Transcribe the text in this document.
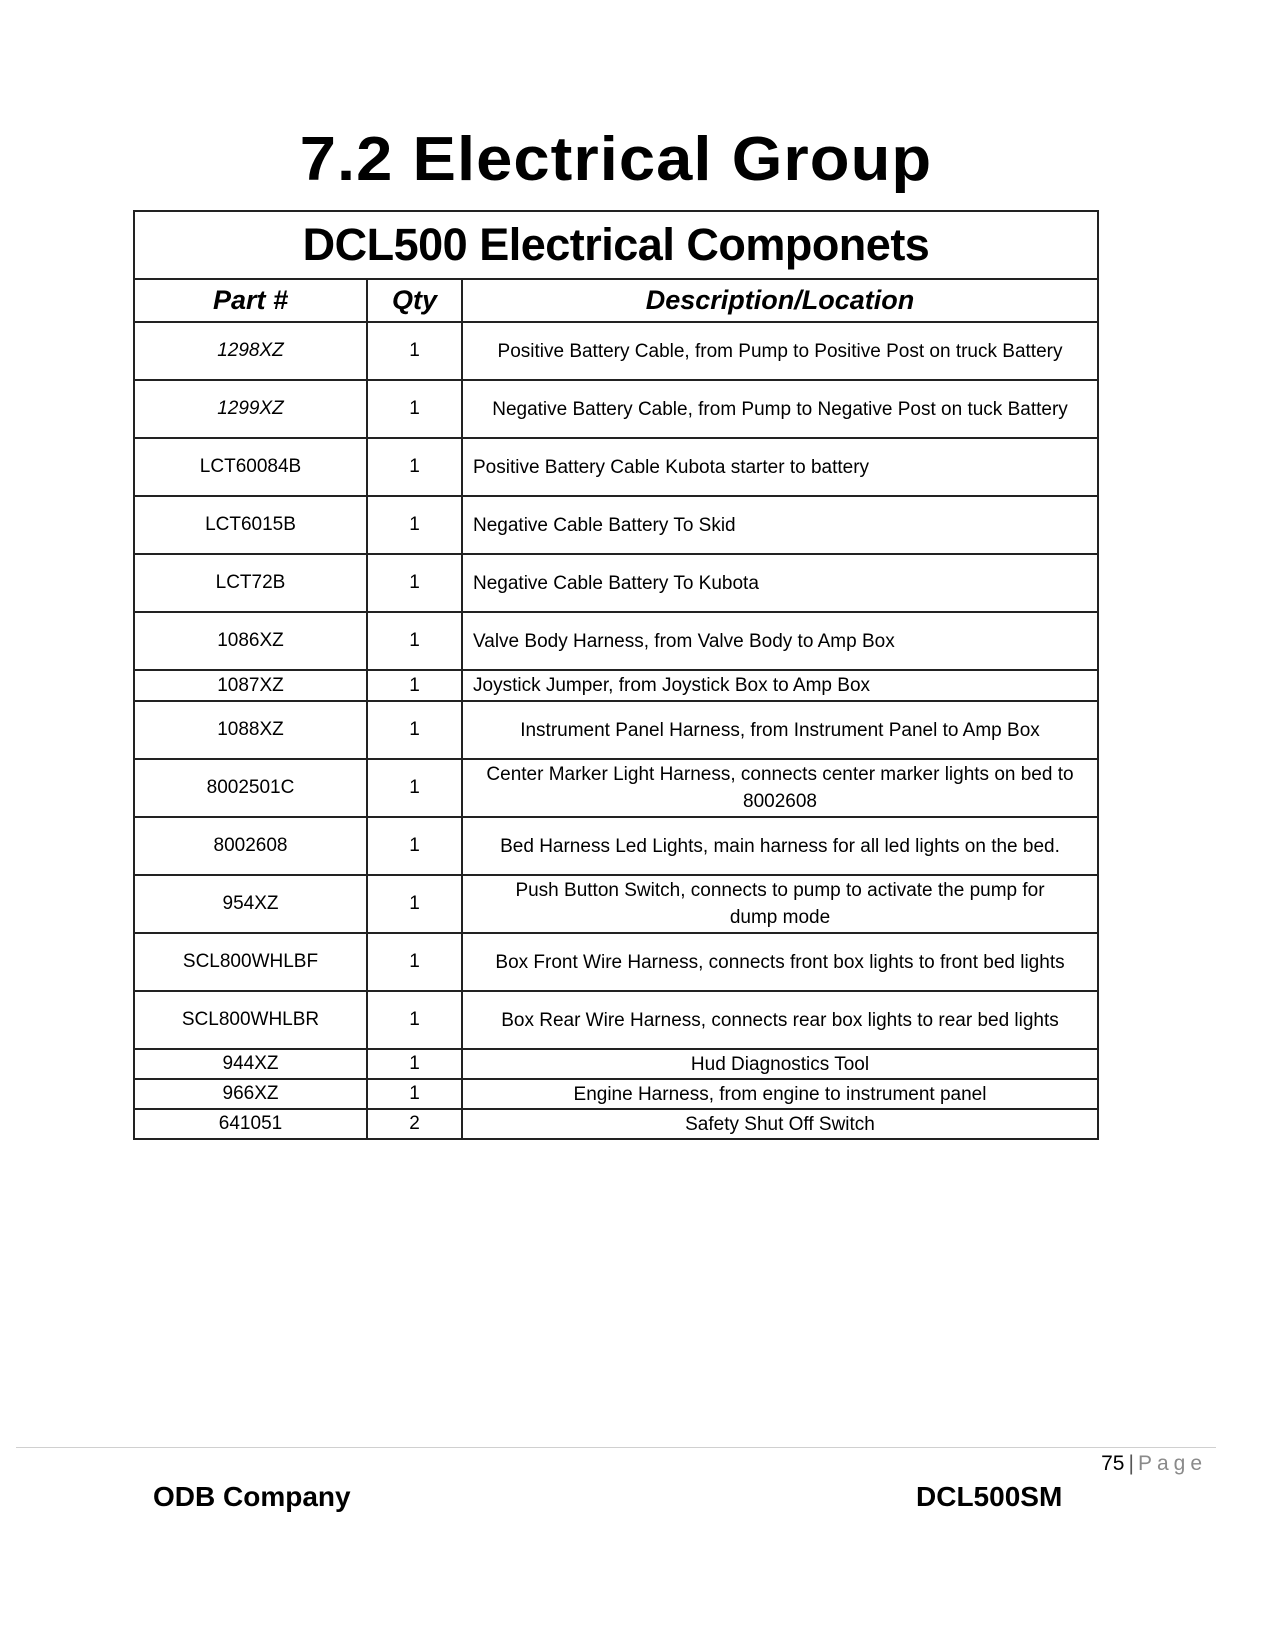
7.2 Electrical Group
DCL500 Electrical Componets		
Part #	Qty	Description/Location
1298XZ	1	Positive Battery Cable, from Pump to Positive Post on truck Battery
1299XZ	1	Negative Battery Cable, from Pump to Negative Post on tuck Battery
LCT60084B	1	Positive Battery Cable Kubota starter to battery
LCT6015B	1	Negative Cable Battery To Skid
LCT72B	1	Negative Cable Battery To Kubota
1086XZ	1	Valve Body Harness, from Valve Body to Amp Box
1087XZ	1	Joystick Jumper, from Joystick Box to Amp Box
1088XZ	1	Instrument Panel Harness, from Instrument Panel to Amp Box
8002501C	1	Center Marker Light Harness, connects center marker lights on bed to 8002608
8002608	1	Bed Harness Led Lights, main harness for all led lights on the bed.
954XZ	1	Push Button Switch, connects to pump to activate the pump for dump mode
SCL800WHLBF	1	Box Front Wire Harness, connects front box lights to front bed lights
SCL800WHLBR	1	Box Rear Wire Harness, connects rear box lights to rear bed lights
944XZ	1	Hud Diagnostics Tool
966XZ	1	Engine Harness, from engine to instrument panel
641051	2	Safety Shut Off Switch
75 | Page
ODB Company	DCL500SM
